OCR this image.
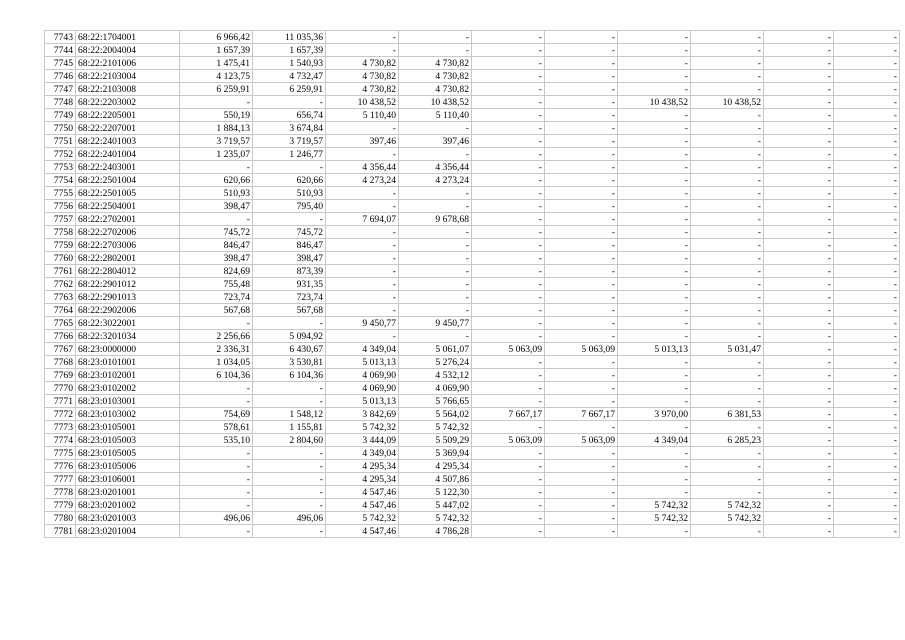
7743	68:22:1704001	6 966,42	11 035,36	-	-	-	-	-	-	-	-
7744	68:22:2004004	1 657,39	1 657,39	-	-	-	-	-	-	-	-
7745	68:22:2101006	1 475,41	1 540,93	4 730,82	4 730,82	-	-	-	-	-	-
7746	68:22:2103004	4 123,75	4 732,47	4 730,82	4 730,82	-	-	-	-	-	-
7747	68:22:2103008	6 259,91	6 259,91	4 730,82	4 730,82	-	-	-	-	-	-
7748	68:22:2203002	-	-	10 438,52	10 438,52	-	-	10 438,52	10 438,52	-	-
7749	68:22:2205001	550,19	656,74	5 110,40	5 110,40	-	-	-	-	-	-
7750	68:22:2207001	1 884,13	3 674,84	-	-	-	-	-	-	-	-
7751	68:22:2401003	3 719,57	3 719,57	397,46	397,46	-	-	-	-	-	-
7752	68:22:2401004	1 235,07	1 246,77	-	-	-	-	-	-	-	-
7753	68:22:2403001	-	-	4 356,44	4 356,44	-	-	-	-	-	-
7754	68:22:2501004	620,66	620,66	4 273,24	4 273,24	-	-	-	-	-	-
7755	68:22:2501005	510,93	510,93	-	-	-	-	-	-	-	-
7756	68:22:2504001	398,47	795,40	-	-	-	-	-	-	-	-
7757	68:22:2702001	-	-	7 694,07	9 678,68	-	-	-	-	-	-
7758	68:22:2702006	745,72	745,72	-	-	-	-	-	-	-	-
7759	68:22:2703006	846,47	846,47	-	-	-	-	-	-	-	-
7760	68:22:2802001	398,47	398,47	-	-	-	-	-	-	-	-
7761	68:22:2804012	824,69	873,39	-	-	-	-	-	-	-	-
7762	68:22:2901012	755,48	931,35	-	-	-	-	-	-	-	-
7763	68:22:2901013	723,74	723,74	-	-	-	-	-	-	-	-
7764	68:22:2902006	567,68	567,68	-	-	-	-	-	-	-	-
7765	68:22:3022001	-	-	9 450,77	9 450,77	-	-	-	-	-	-
7766	68:22:3201034	2 256,66	5 094,92	-	-	-	-	-	-	-	-
7767	68:23:0000000	2 336,31	6 430,67	4 349,04	5 061,07	5 063,09	5 063,09	5 013,13	5 031,47	-	-
7768	68:23:0101001	1 034,05	3 530,81	5 013,13	5 276,24	-	-	-	-	-	-
7769	68:23:0102001	6 104,36	6 104,36	4 069,90	4 532,12	-	-	-	-	-	-
7770	68:23:0102002	-	-	4 069,90	4 069,90	-	-	-	-	-	-
7771	68:23:0103001	-	-	5 013,13	5 766,65	-	-	-	-	-	-
7772	68:23:0103002	754,69	1 548,12	3 842,69	5 564,02	7 667,17	7 667,17	3 970,00	6 381,53	-	-
7773	68:23:0105001	578,61	1 155,81	5 742,32	5 742,32	-	-	-	-	-	-
7774	68:23:0105003	535,10	2 804,60	3 444,09	5 509,29	5 063,09	5 063,09	4 349,04	6 285,23	-	-
7775	68:23:0105005	-	-	4 349,04	5 369,94	-	-	-	-	-	-
7776	68:23:0105006	-	-	4 295,34	4 295,34	-	-	-	-	-	-
7777	68:23:0106001	-	-	4 295,34	4 507,86	-	-	-	-	-	-
7778	68:23:0201001	-	-	4 547,46	5 122,30	-	-	-	-	-	-
7779	68:23:0201002	-	-	4 547,46	5 447,02	-	-	5 742,32	5 742,32	-	-
7780	68:23:0201003	496,06	496,06	5 742,32	5 742,32	-	-	5 742,32	5 742,32	-	-
7781	68:23:0201004	-	-	4 547,46	4 786,28	-	-	-	-	-	-
